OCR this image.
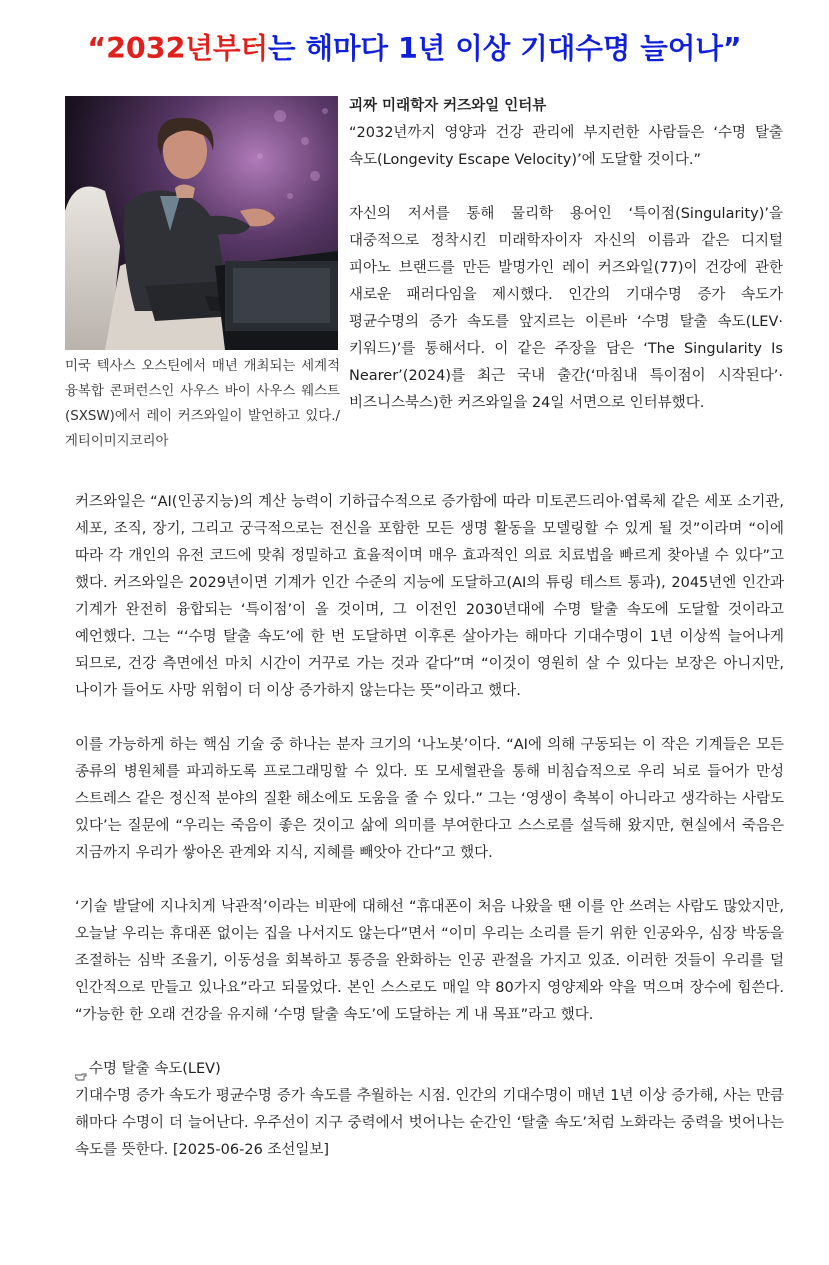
“2032년부터는 해마다 1년 이상 기대수명 늘어나”
미국 텍사스 오스틴에서 매년 개최되는 세계적 융복합 콘퍼런스인 사우스 바이 사우스 웨스트(SXSW)에서 레이 커즈와일이 발언하고 있다./게티이미지코리아

괴짜 미래학자 커즈와일 인터뷰

“2032년까지 영양과 건강 관리에 부지런한 사람들은 ‘수명 탈출 속도(Longevity Escape Velocity)’에 도달할 것이다.”

자신의 저서를 통해 물리학 용어인 ‘특이점(Singularity)’을 대중적으로 정착시킨 미래학자이자 자신의 이름과 같은 디지털 피아노 브랜드를 만든 발명가인 레이 커즈와일(77)이 건강에 관한 새로운 패러다임을 제시했다. 인간의 기대수명 증가 속도가 평균수명의 증가 속도를 앞지르는 이른바 ‘수명 탈출 속도(LEV·키워드)’를 통해서다. 이 같은 주장을 담은 ‘The Singularity Is Nearer’(2024)를 최근 국내 출간(‘마침내 특이점이 시작된다’·비즈니스북스)한 커즈와일을 24일 서면으로 인터뷰했다.

커즈와일은 “AI(인공지능)의 계산 능력이 기하급수적으로 증가함에 따라 미토콘드리아·엽록체 같은 세포 소기관, 세포, 조직, 장기, 그리고 궁극적으로는 전신을 포함한 모든 생명 활동을 모델링할 수 있게 될 것”이라며 “이에 따라 각 개인의 유전 코드에 맞춰 정밀하고 효율적이며 매우 효과적인 의료 치료법을 빠르게 찾아낼 수 있다”고 했다. 커즈와일은 2029년이면 기계가 인간 수준의 지능에 도달하고(AI의 튜링 테스트 통과), 2045년엔 인간과 기계가 완전히 융합되는 ‘특이점’이 올 것이며, 그 이전인 2030년대에 수명 탈출 속도에 도달할 것이라고 예언했다. 그는 “‘수명 탈출 속도’에 한 번 도달하면 이후론 살아가는 해마다 기대수명이 1년 이상씩 늘어나게 되므로, 건강 측면에선 마치 시간이 거꾸로 가는 것과 같다”며 “이것이 영원히 살 수 있다는 보장은 아니지만, 나이가 들어도 사망 위험이 더 이상 증가하지 않는다는 뜻”이라고 했다.

이를 가능하게 하는 핵심 기술 중 하나는 분자 크기의 ‘나노봇’이다. “AI에 의해 구동되는 이 작은 기계들은 모든 종류의 병원체를 파괴하도록 프로그래밍할 수 있다. 또 모세혈관을 통해 비침습적으로 우리 뇌로 들어가 만성 스트레스 같은 정신적 분야의 질환 해소에도 도움을 줄 수 있다.” 그는 ‘영생이 축복이 아니라고 생각하는 사람도 있다’는 질문에 “우리는 죽음이 좋은 것이고 삶에 의미를 부여한다고 스스로를 설득해 왔지만, 현실에서 죽음은 지금까지 우리가 쌓아온 관계와 지식, 지혜를 빼앗아 간다”고 했다.

‘기술 발달에 지나치게 낙관적’이라는 비판에 대해선 “휴대폰이 처음 나왔을 땐 이를 안 쓰려는 사람도 많았지만, 오늘날 우리는 휴대폰 없이는 집을 나서지도 않는다”면서 “이미 우리는 소리를 듣기 위한 인공와우, 심장 박동을 조절하는 심박 조율기, 이동성을 회복하고 통증을 완화하는 인공 관절을 가지고 있죠. 이러한 것들이 우리를 덜 인간적으로 만들고 있나요”라고 되물었다. 본인 스스로도 매일 약 80가지 영양제와 약을 먹으며 장수에 힘쓴다. “가능한 한 오래 건강을 유지해 ‘수명 탈출 속도’에 도달하는 게 내 목표”라고 했다.

수명 탈출 속도(LEV)

기대수명 증가 속도가 평균수명 증가 속도를 추월하는 시점. 인간의 기대수명이 매년 1년 이상 증가해, 사는 만큼 해마다 수명이 더 늘어난다. 우주선이 지구 중력에서 벗어나는 순간인 ‘탈출 속도’처럼 노화라는 중력을 벗어나는 속도를 뜻한다. [2025-06-26 조선일보]
